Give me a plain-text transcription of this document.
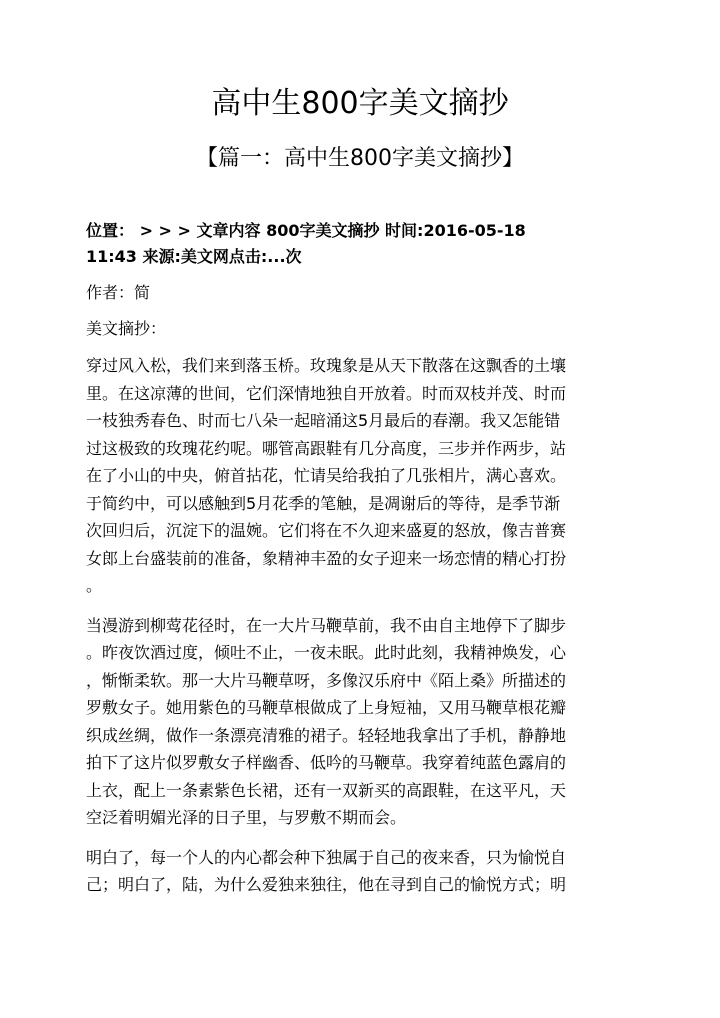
高中生800字美文摘抄
【篇一：高中生800字美文摘抄】
位置： > > > 文章内容 800字美文摘抄 时间:2016-05-18
11:43 来源:美文网点击:...次

作者：简

美文摘抄：

穿过风入松，我们来到落玉桥。玫瑰象是从天下散落在这飘香的土壤
里。在这凉薄的世间，它们深情地独自开放着。时而双枝并茂、时而
一枝独秀春色、时而七八朵一起暗涌这5月最后的春潮。我又怎能错
过这极致的玫瑰花约呢。哪管高跟鞋有几分高度，三步并作两步，站
在了小山的中央，俯首拈花，忙请吴给我拍了几张相片，满心喜欢。
于简约中，可以感触到5月花季的笔触，是凋谢后的等待，是季节渐
次回归后，沉淀下的温婉。它们将在不久迎来盛夏的怒放，像吉普赛
女郎上台盛装前的准备，象精神丰盈的女子迎来一场恋情的精心打扮
。
当漫游到柳莺花径时，在一大片马鞭草前，我不由自主地停下了脚步
。昨夜饮酒过度，倾吐不止，一夜未眠。此时此刻，我精神焕发，心
，惭惭柔软。那一大片马鞭草呀，多像汉乐府中《陌上桑》所描述的
罗敷女子。她用紫色的马鞭草根做成了上身短袖，又用马鞭草根花瓣
织成丝绸，做作一条漂亮清雅的裙子。轻轻地我拿出了手机，静静地
拍下了这片似罗敷女子样幽香、低吟的马鞭草。我穿着纯蓝色露肩的
上衣，配上一条素紫色长裙，还有一双新买的高跟鞋，在这平凡，天
空泛着明媚光泽的日子里，与罗敷不期而会。
明白了，每一个人的内心都会种下独属于自己的夜来香，只为愉悦自
己；明白了，陆，为什么爱独来独往，他在寻到自己的愉悦方式；明
